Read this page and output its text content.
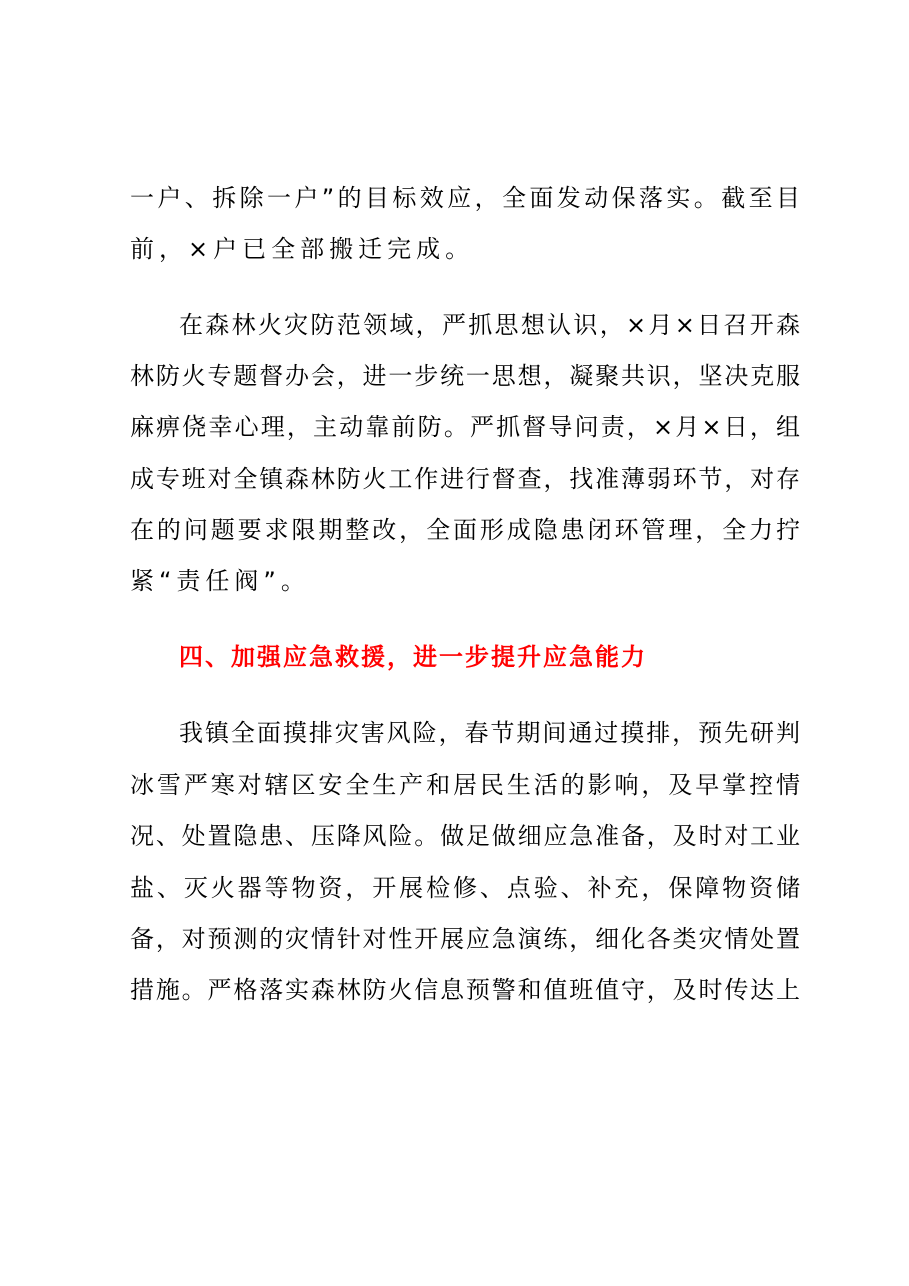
一户、拆除一户”的目标效应，全面发动保落实。截至目
前，×户已全部搬迁完成。
在森林火灾防范领域，严抓思想认识，×月×日召开森
林防火专题督办会，进一步统一思想，凝聚共识，坚决克服
麻痹侥幸心理，主动靠前防。严抓督导问责，×月×日，组
成专班对全镇森林防火工作进行督查，找准薄弱环节，对存
在的问题要求限期整改，全面形成隐患闭环管理，全力拧
紧“责任阀”。
四、加强应急救援，进一步提升应急能力
我镇全面摸排灾害风险，春节期间通过摸排，预先研判
冰雪严寒对辖区安全生产和居民生活的影响，及早掌控情
况、处置隐患、压降风险。做足做细应急准备，及时对工业
盐、灭火器等物资，开展检修、点验、补充，保障物资储
备，对预测的灾情针对性开展应急演练，细化各类灾情处置
措施。严格落实森林防火信息预警和值班值守，及时传达上
